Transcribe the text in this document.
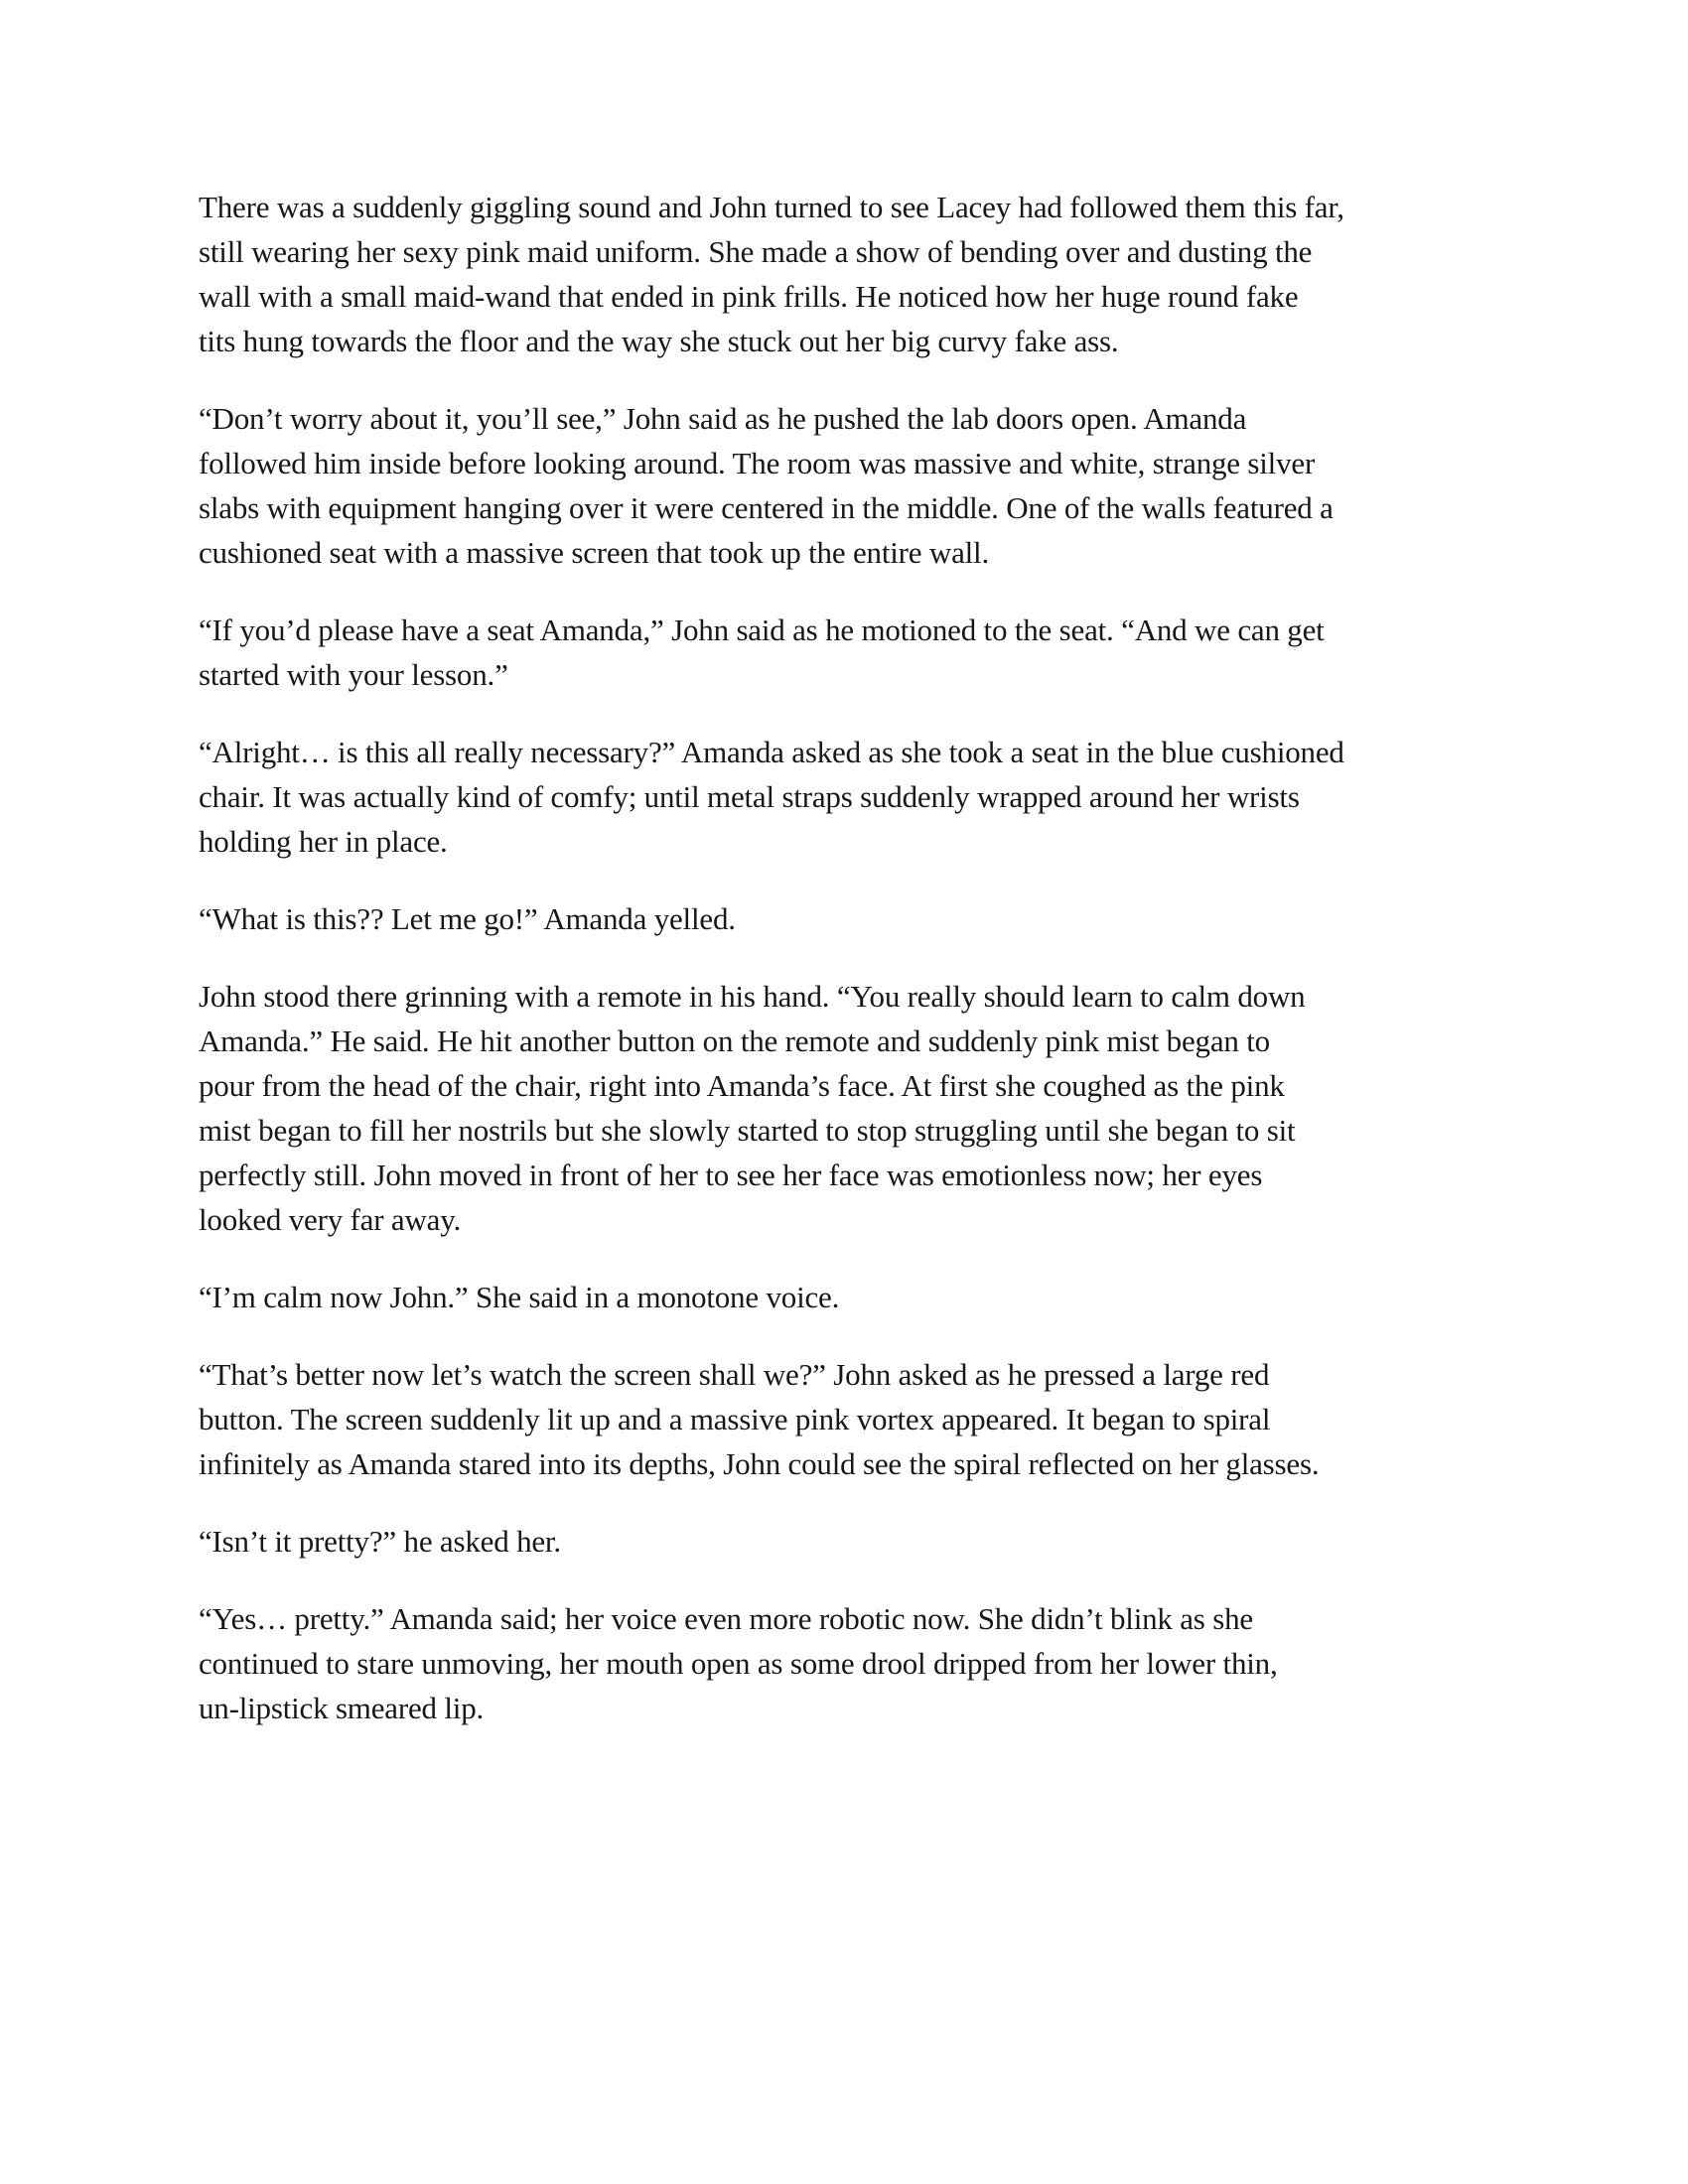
There was a suddenly giggling sound and John turned to see Lacey had followed them this far,
still wearing her sexy pink maid uniform. She made a show of bending over and dusting the
wall with a small maid-wand that ended in pink frills. He noticed how her huge round fake
tits hung towards the floor and the way she stuck out her big curvy fake ass.

“Don’t worry about it, you’ll see,” John said as he pushed the lab doors open. Amanda
followed him inside before looking around. The room was massive and white, strange silver
slabs with equipment hanging over it were centered in the middle. One of the walls featured a
cushioned seat with a massive screen that took up the entire wall.

“If you’d please have a seat Amanda,” John said as he motioned to the seat. “And we can get
started with your lesson.”

“Alright… is this all really necessary?” Amanda asked as she took a seat in the blue cushioned
chair. It was actually kind of comfy; until metal straps suddenly wrapped around her wrists
holding her in place.

“What is this?? Let me go!” Amanda yelled.

John stood there grinning with a remote in his hand. “You really should learn to calm down
Amanda.” He said. He hit another button on the remote and suddenly pink mist began to
pour from the head of the chair, right into Amanda’s face. At first she coughed as the pink
mist began to fill her nostrils but she slowly started to stop struggling until she began to sit
perfectly still. John moved in front of her to see her face was emotionless now; her eyes
looked very far away.

“I’m calm now John.” She said in a monotone voice.

“That’s better now let’s watch the screen shall we?” John asked as he pressed a large red
button. The screen suddenly lit up and a massive pink vortex appeared. It began to spiral
infinitely as Amanda stared into its depths, John could see the spiral reflected on her glasses.

“Isn’t it pretty?” he asked her.

“Yes… pretty.” Amanda said; her voice even more robotic now. She didn’t blink as she
continued to stare unmoving, her mouth open as some drool dripped from her lower thin,
un-lipstick smeared lip.
